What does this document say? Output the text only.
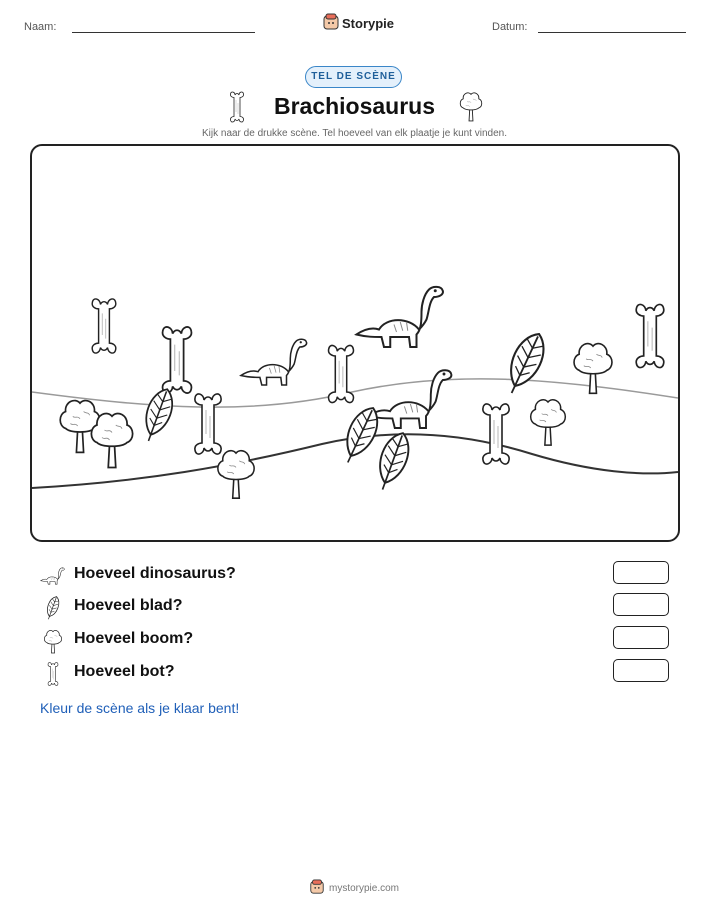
Naam:	Storypie	Datum:
TEL DE SCÈNE
Brachiosaurus
Kijk naar de drukke scène. Tel hoeveel van elk plaatje je kunt vinden.
Hoeveel dinosaurus?
Hoeveel blad?
Hoeveel boom?
Hoeveel bot?
Kleur de scène als je klaar bent!
mystorypie.com
